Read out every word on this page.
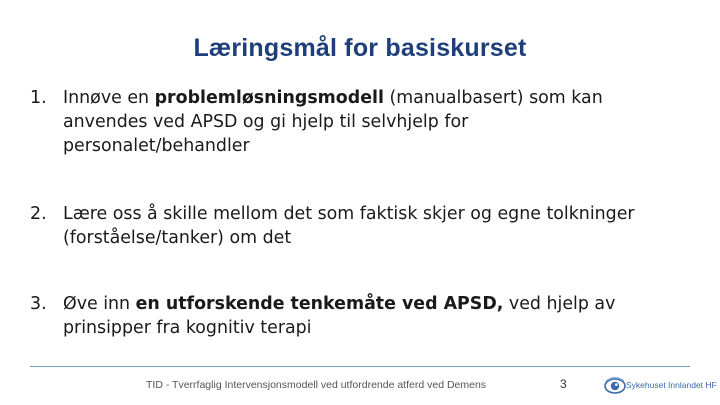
Læringsmål for basiskurset
1. Innøve en problemløsningsmodell (manualbasert) som kan
anvendes ved APSD og gi hjelp til selvhjelp for
personalet/behandler
2. Lære oss å skille mellom det som faktisk skjer og egne tolkninger
(forståelse/tanker) om det
3. Øve inn en utforskende tenkemåte ved APSD, ved hjelp av
prinsipper fra kognitiv terapi
TID - Tverrfaglig Intervensjonsmodell ved utfordrende atferd ved Demens	3	Sykehuset Innlandet HF
